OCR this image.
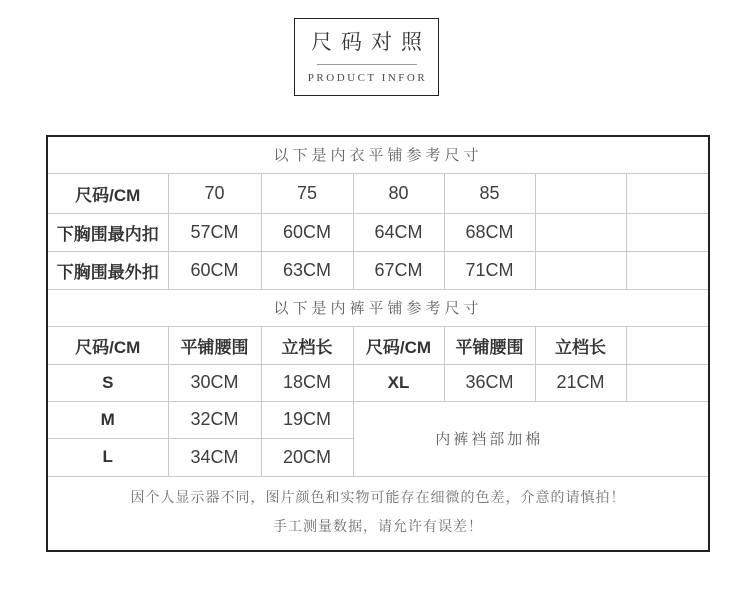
尺码对照
PRODUCT INFOR
以下是内衣平铺参考尺寸						
尺码/CM	70	75	80	85		
下胸围最内扣	57CM	60CM	64CM	68CM		
下胸围最外扣	60CM	63CM	67CM	71CM		
以下是内裤平铺参考尺寸						
尺码/CM	平铺腰围	立档长	尺码/CM	平铺腰围	立档长	
S	30CM	18CM	XL	36CM	21CM	
M	32CM	19CM	内裤裆部加棉			
L	34CM	20CM				

因个人显示器不同，图片颜色和实物可能存在细微的色差，介意的请慎拍！
手工测量数据，请允许有误差！						
